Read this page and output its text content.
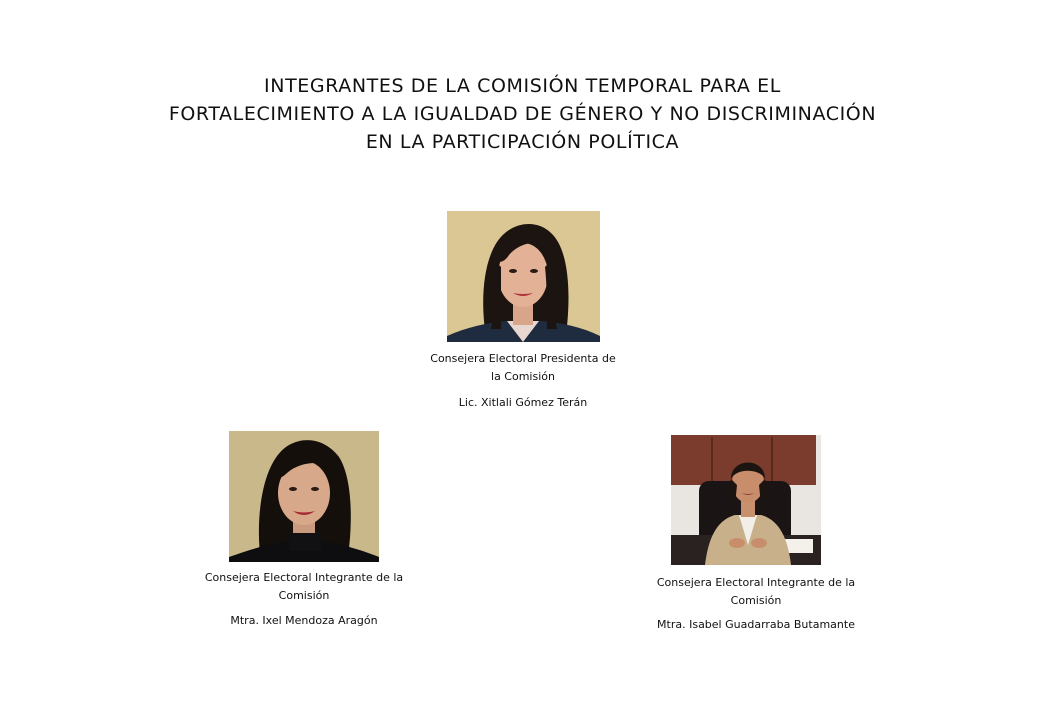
INTEGRANTES DE LA COMISIÓN TEMPORAL PARA EL
FORTALECIMIENTO A LA IGUALDAD DE GÉNERO Y NO DISCRIMINACIÓN
EN LA PARTICIPACIÓN POLÍTICA

Consejera Electoral Presidenta de
la Comisión

Lic. Xitlali Gómez Terán

Consejera Electoral Integrante de la
Comisión

Mtra. Ixel Mendoza Aragón

Consejera Electoral Integrante de la
Comisión

Mtra. Isabel Guadarraba Butamante
